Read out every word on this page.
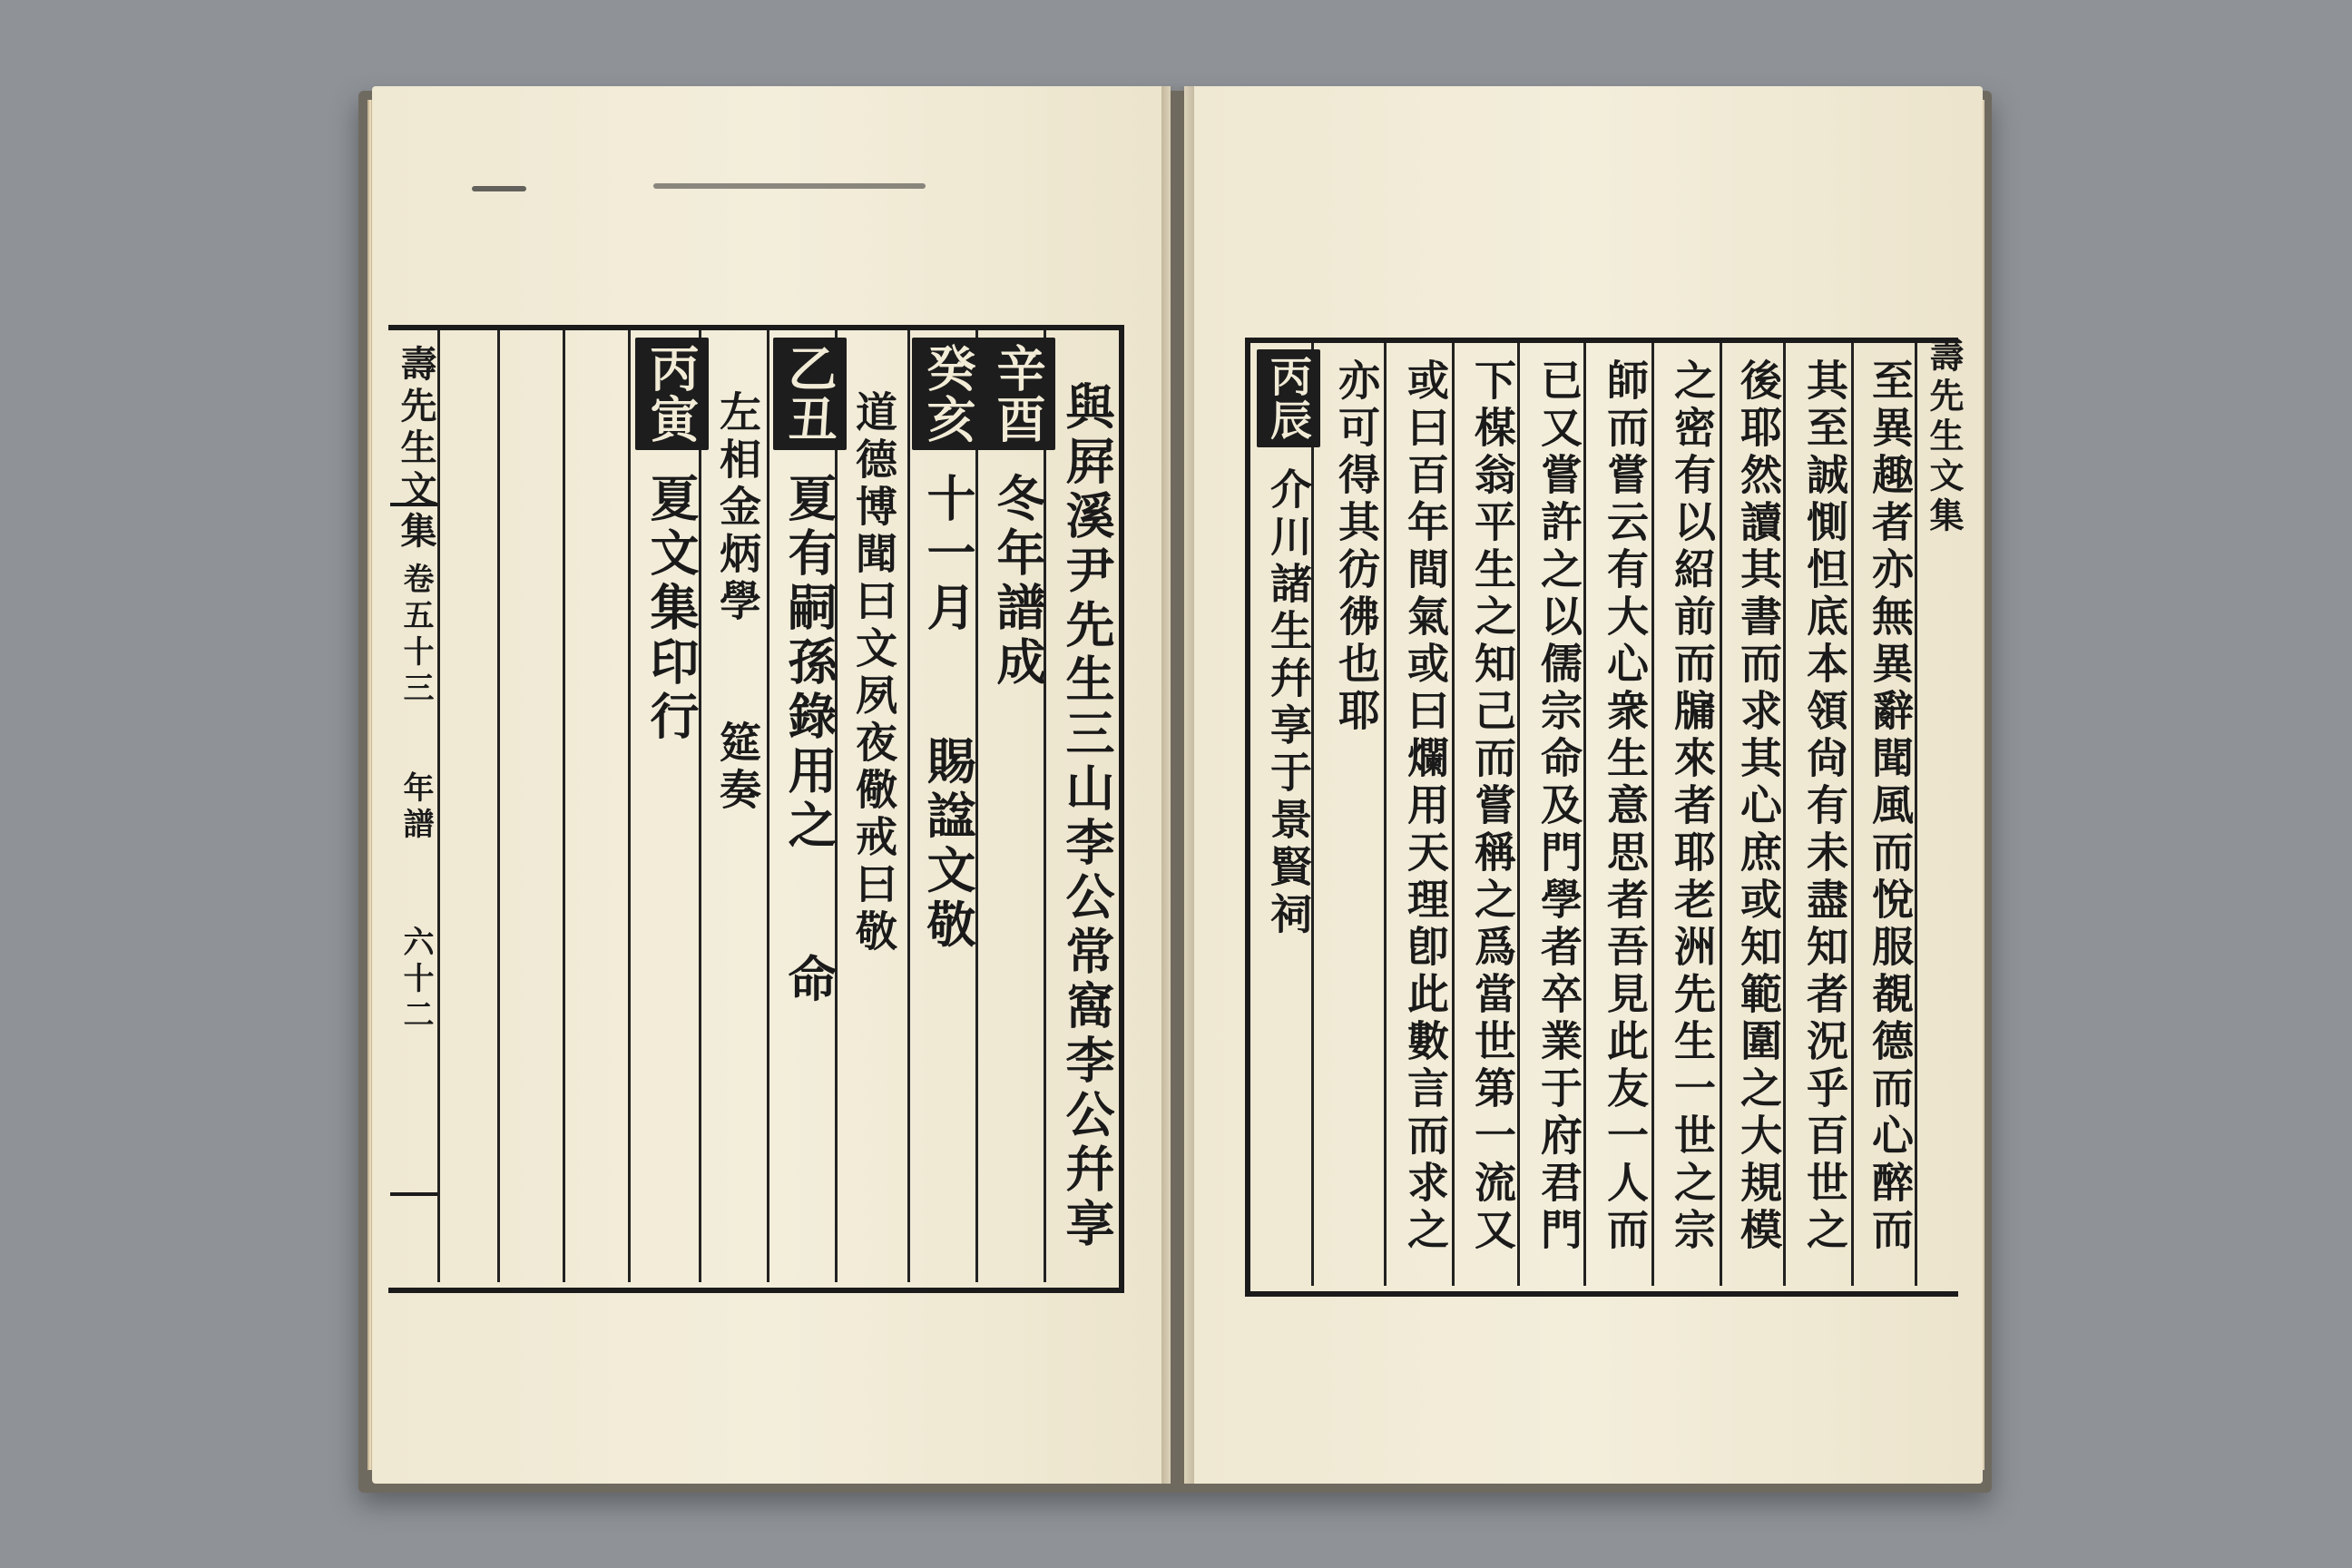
壽先生文集
卷五十三
年譜
六十二	與屛溪尹先生三山李公常窩李公幷享
辛酉 冬年譜成
癸亥 十一月  賜諡文敬
道德博聞曰文夙夜儆戒曰敬
乙丑 夏有嗣孫錄用之  命
左相金炳學  筵奏
丙寅 夏文集印行
壽先生文集
至異趣者亦無異辭聞風而悅服覩德而心醉而
其至誠惻怛底本領尙有未盡知者況乎百世之
後耶然讀其書而求其心庶或知範圍之大規模
之密有以紹前而牖來者耶老洲先生一世之宗
師而嘗云有大心衆生意思者吾見此友一人而
已又嘗許之以儒宗命及門學者卒業于府君門
下楳翁平生之知己而嘗稱之爲當世第一流又
或曰百年間氣或曰爛用天理卽此數言而求之
亦可得其彷彿也耶
丙辰 介川諸生幷享于景賢祠
